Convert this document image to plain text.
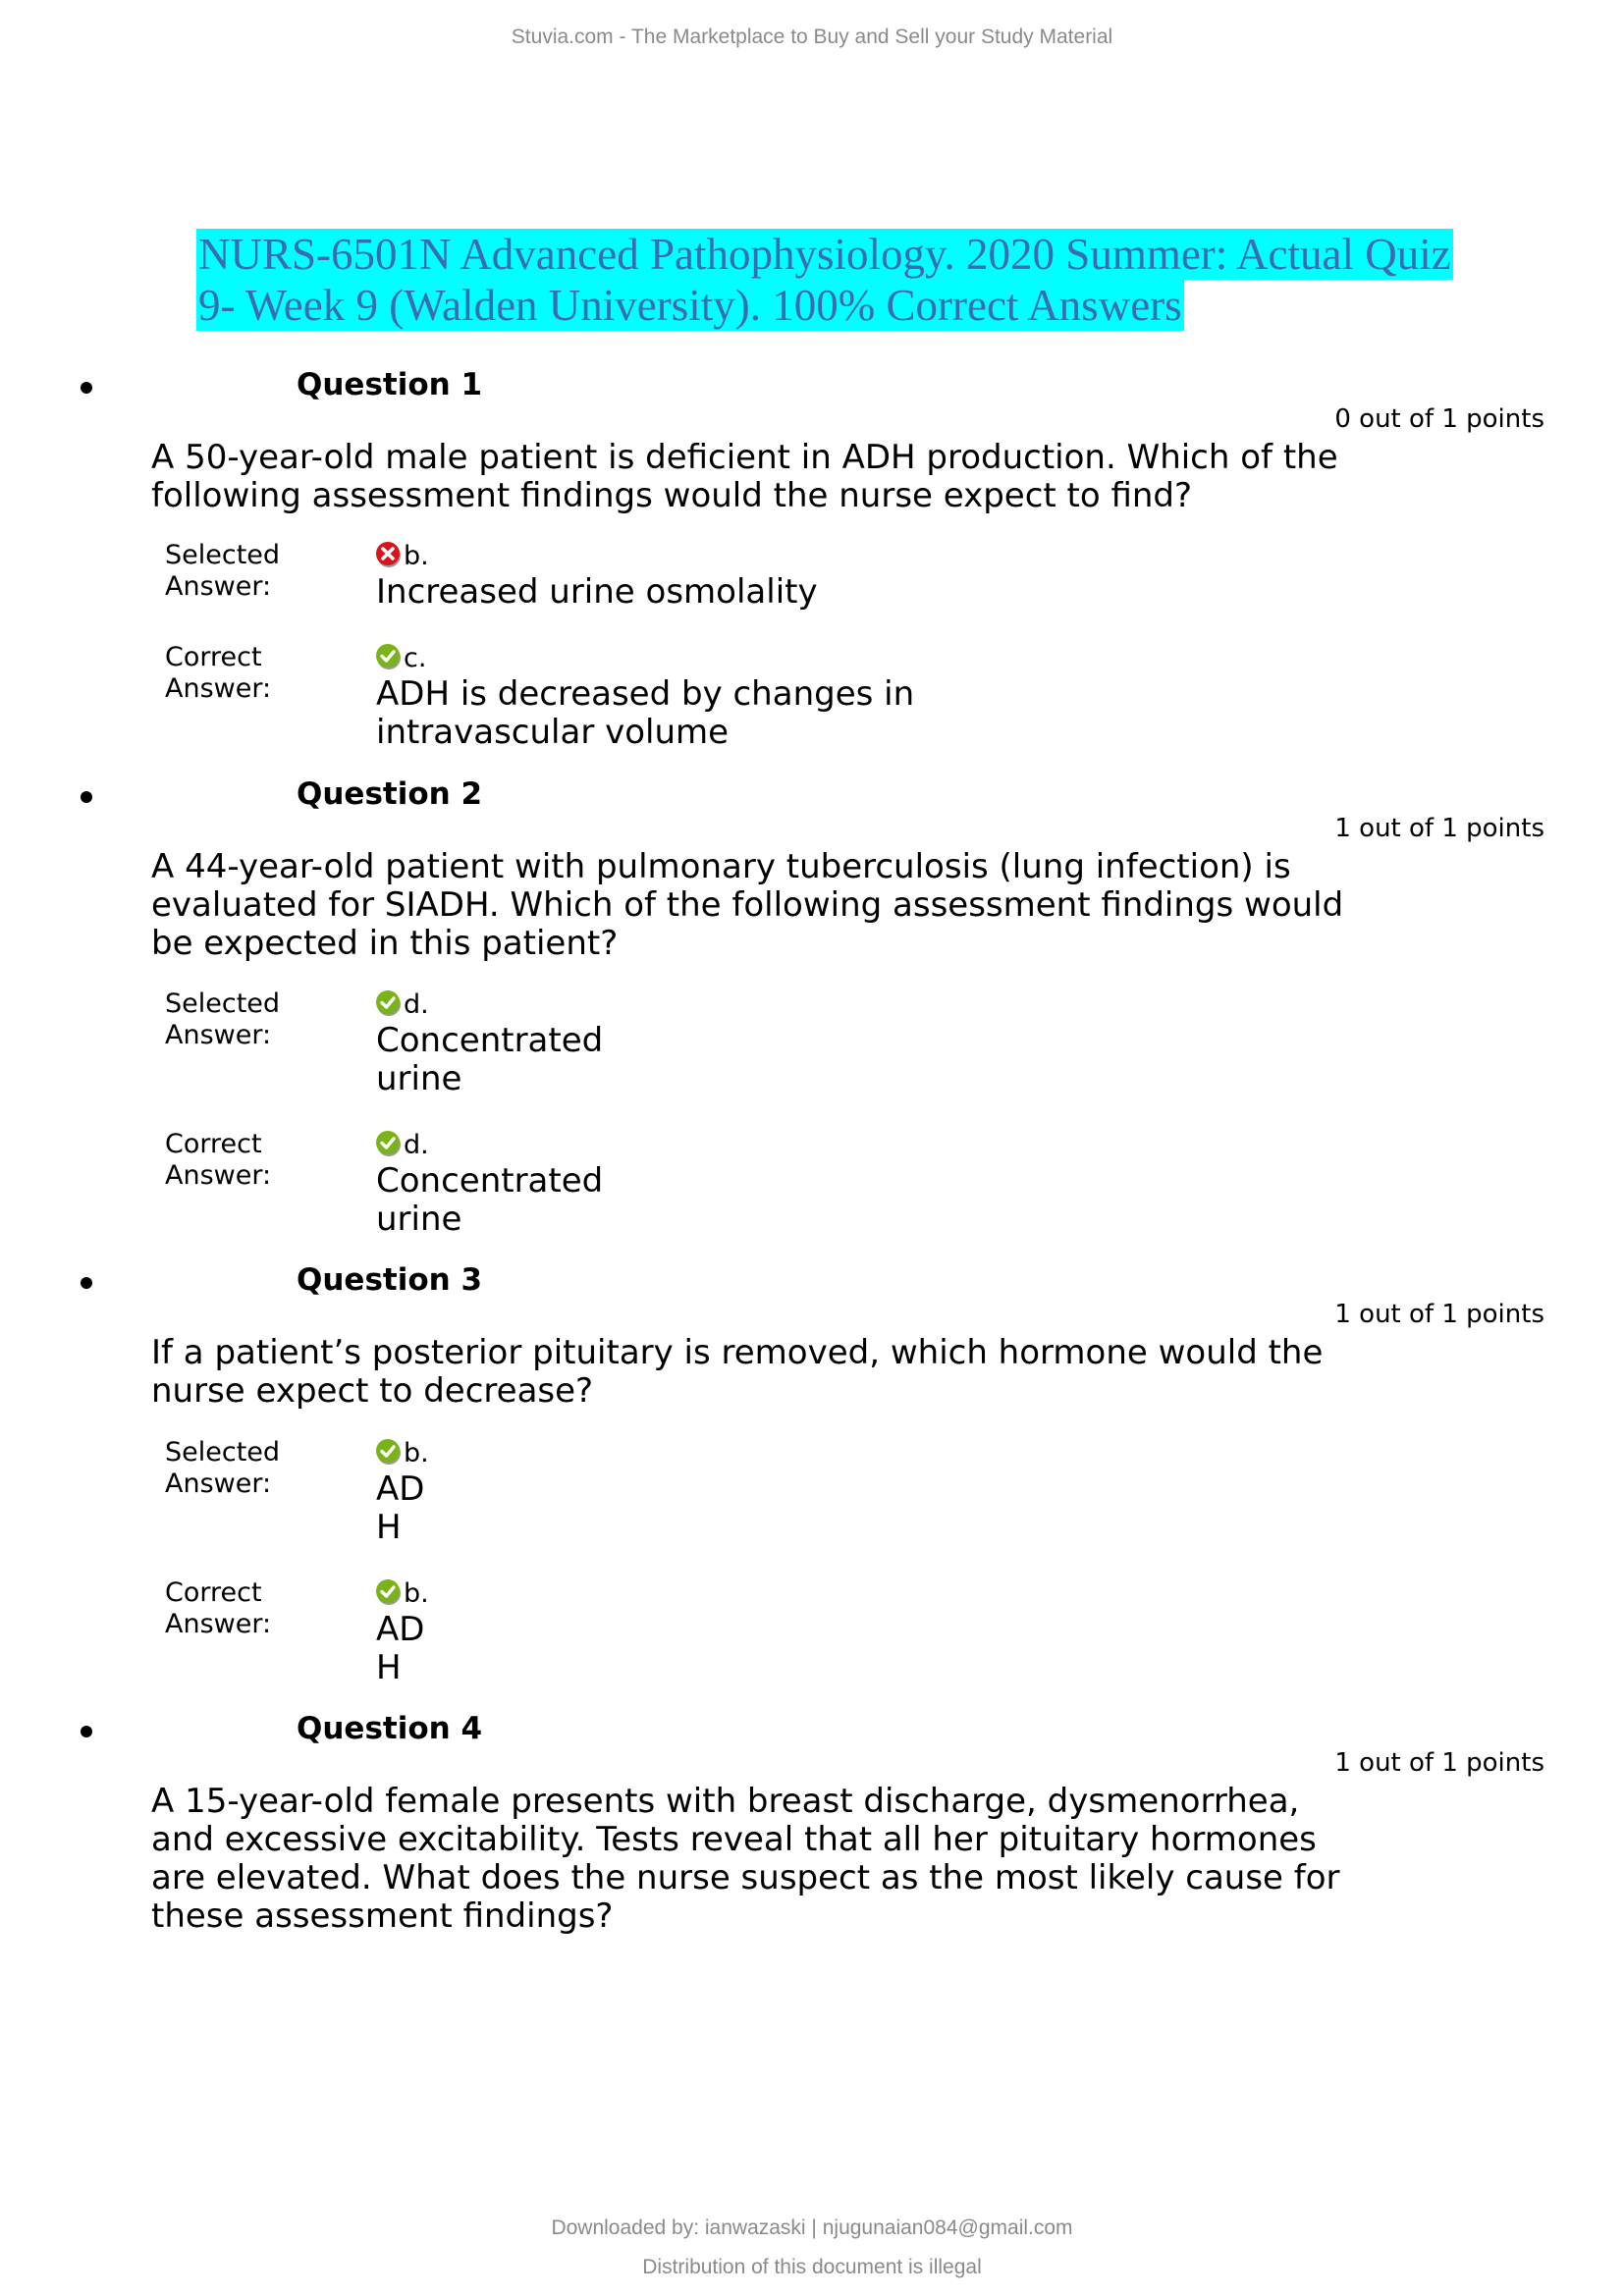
Stuvia.com - The Marketplace to Buy and Sell your Study Material
NURS-6501N Advanced Pathophysiology. 2020 Summer: Actual Quiz
9- Week 9 (Walden University). 100% Correct Answers
Question 1
0 out of 1 points
A 50-year-old male patient is deficient in ADH production. Which of the following assessment findings would the nurse expect to find?
Selected
Answer:
b.
Increased urine osmolality
Correct
Answer:
c.
ADH is decreased by changes in
intravascular volume
Question 2
1 out of 1 points
A 44-year-old patient with pulmonary tuberculosis (lung infection) is evaluated for SIADH. Which of the following assessment findings would be expected in this patient?
Selected
Answer:
d.
Concentrated
urine
Correct
Answer:
d.
Concentrated
urine
Question 3
1 out of 1 points
If a patient’s posterior pituitary is removed, which hormone would the nurse expect to decrease?
Selected
Answer:
b.
AD
H
Correct
Answer:
b.
AD
H
Question 4
1 out of 1 points
A 15-year-old female presents with breast discharge, dysmenorrhea, and excessive excitability. Tests reveal that all her pituitary hormones are elevated. What does the nurse suspect as the most likely cause for these assessment findings?
Downloaded by: ianwazaski | njugunaian084@gmail.com
Distribution of this document is illegal
